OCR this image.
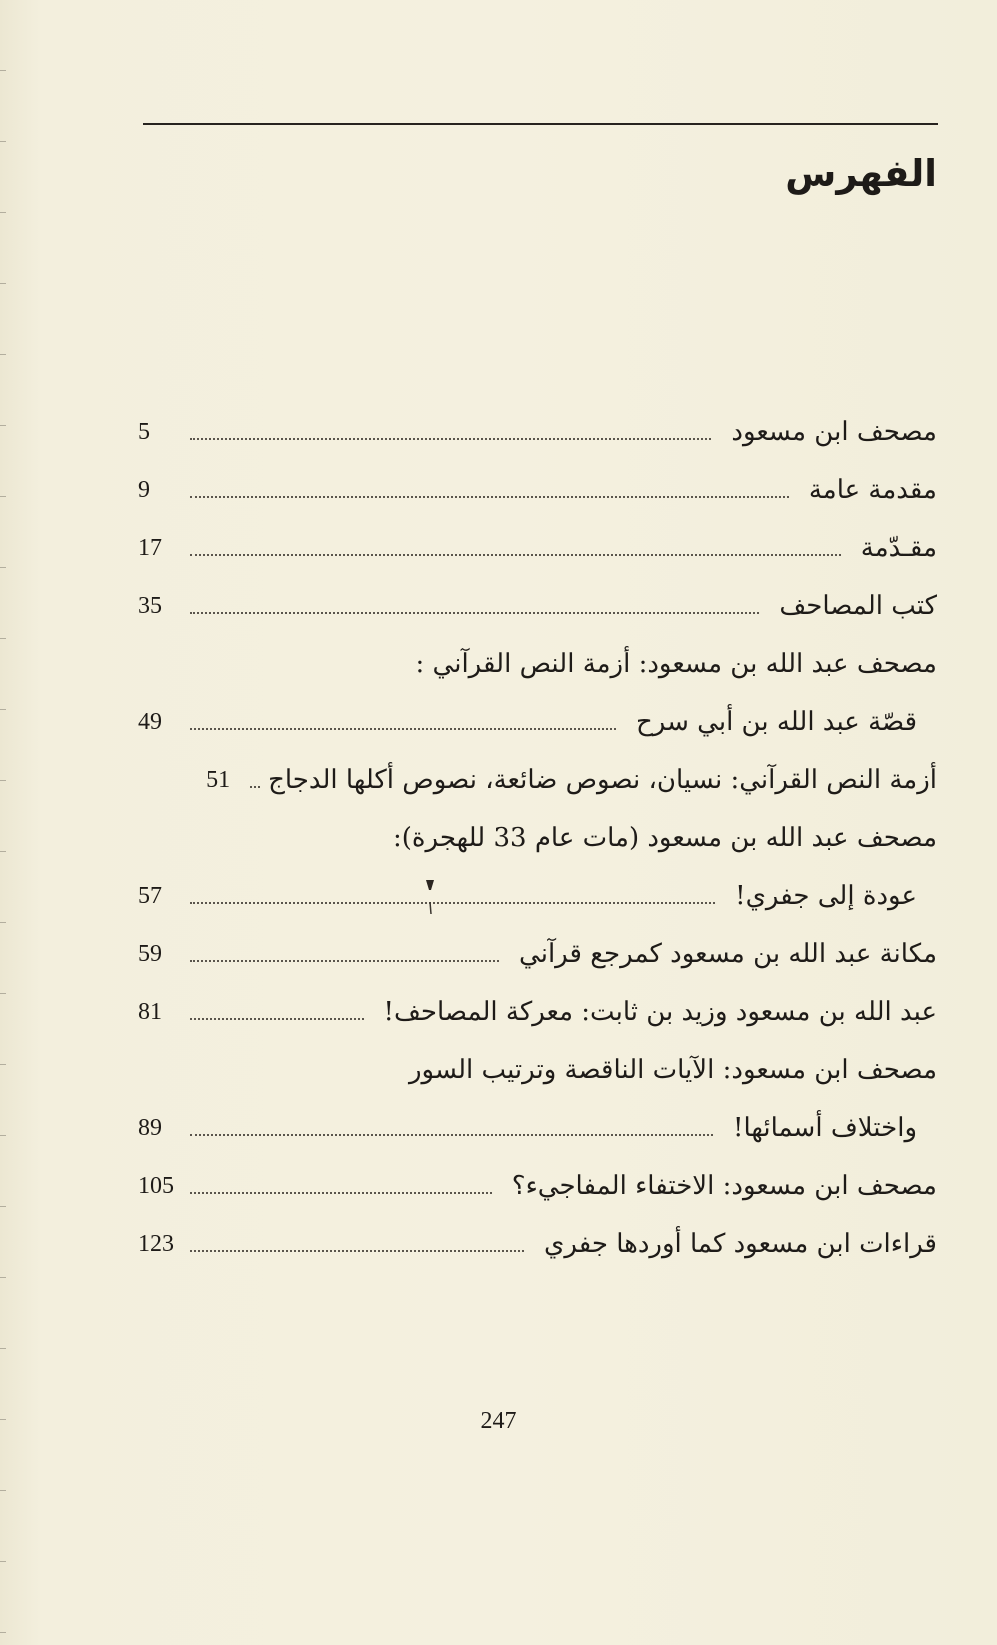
الفهرس
مصحف ابن مسعود
5
مقدمة عامة
9
مقـدّمة
17
كتب المصاحف
35
مصحف عبد الله بن مسعود: أزمة النص القرآني :
قصّة عبد الله بن أبي سرح
49
أزمة النص القرآني: نسيان، نصوص ضائعة، نصوص أكلها الدجاج
51
مصحف عبد الله بن مسعود (مات عام 33 للهجرة):
عودة إلى جفري!
57
مكانة عبد الله بن مسعود كمرجع قرآني
59
عبد الله بن مسعود وزيد بن ثابت: معركة المصاحف!
81
مصحف ابن مسعود: الآيات الناقصة وترتيب السور
واختلاف أسمائها!
89
مصحف ابن مسعود: الاختفاء المفاجيء؟
105
قراءات ابن مسعود كما أوردها جفري
123
247
